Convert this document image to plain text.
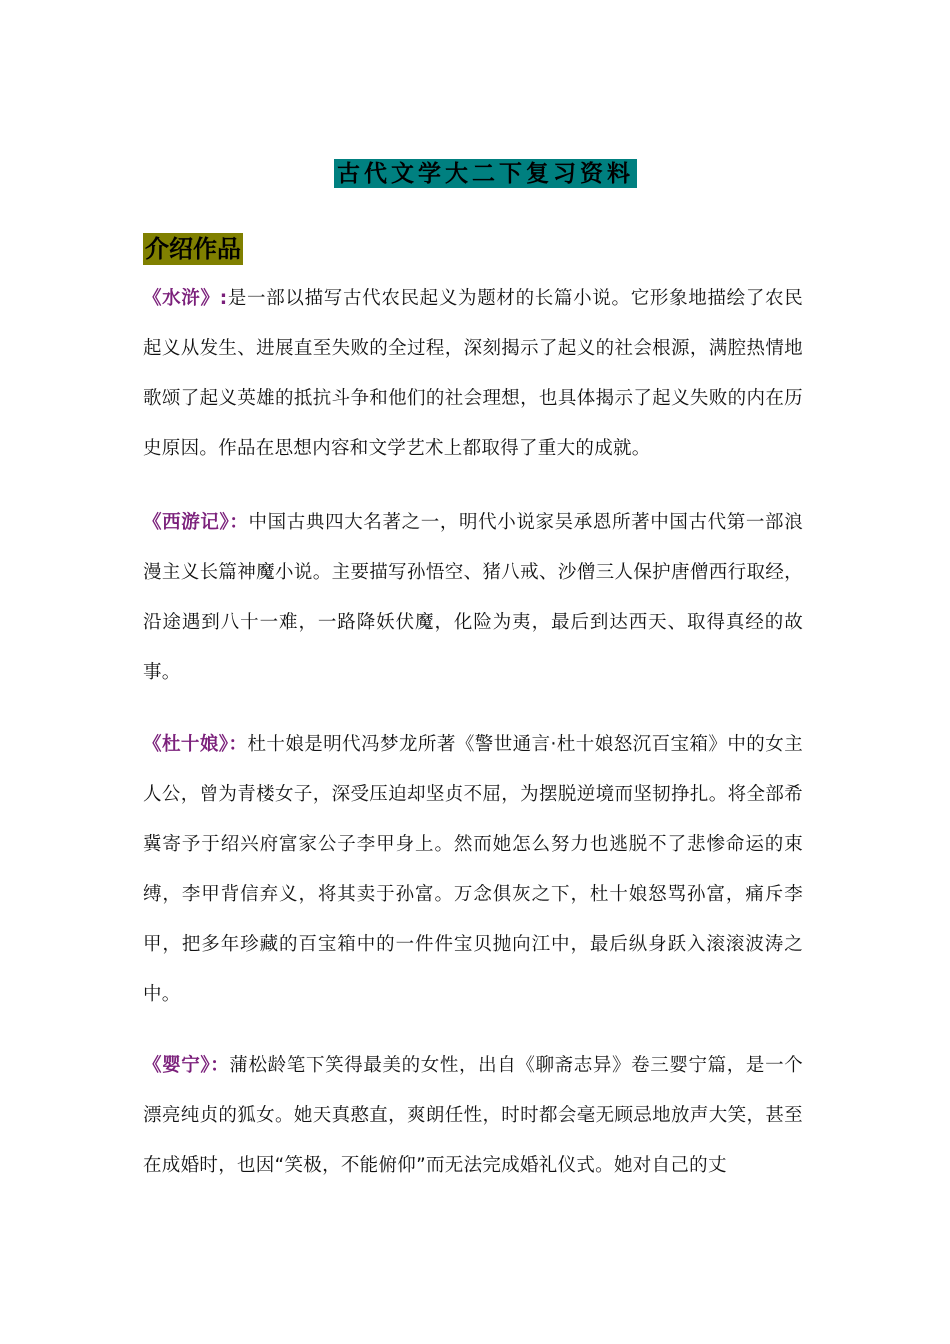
古代文学大二下复习资料
介绍作品
《水浒》:是一部以描写古代农民起义为题材的长篇小说。它形象地描绘了农民起义从发生、进展直至失败的全过程，深刻揭示了起义的社会根源，满腔热情地歌颂了起义英雄的抵抗斗争和他们的社会理想，也具体揭示了起义失败的内在历史原因。作品在思想内容和文学艺术上都取得了重大的成就。
《西游记》：中国古典四大名著之一，明代小说家吴承恩所著中国古代第一部浪漫主义长篇神魔小说。主要描写孙悟空、猪八戒、沙僧三人保护唐僧西行取经，沿途遇到八十一难，一路降妖伏魔，化险为夷，最后到达西天、取得真经的故事。
《杜十娘》：杜十娘是明代冯梦龙所著《警世通言·杜十娘怒沉百宝箱》中的女主人公，曾为青楼女子，深受压迫却坚贞不屈，为摆脱逆境而坚韧挣扎。将全部希冀寄予于绍兴府富家公子李甲身上。然而她怎么努力也逃脱不了悲惨命运的束缚，李甲背信弃义，将其卖于孙富。万念俱灰之下，杜十娘怒骂孙富，痛斥李甲，把多年珍藏的百宝箱中的一件件宝贝抛向江中，最后纵身跃入滚滚波涛之中。
《婴宁》：蒲松龄笔下笑得最美的女性，出自《聊斋志异》卷三婴宁篇，是一个漂亮纯贞的狐女。她天真憨直，爽朗任性，时时都会毫无顾忌地放声大笑，甚至在成婚时，也因“笑极，不能俯仰”而无法完成婚礼仪式。她对自己的丈
